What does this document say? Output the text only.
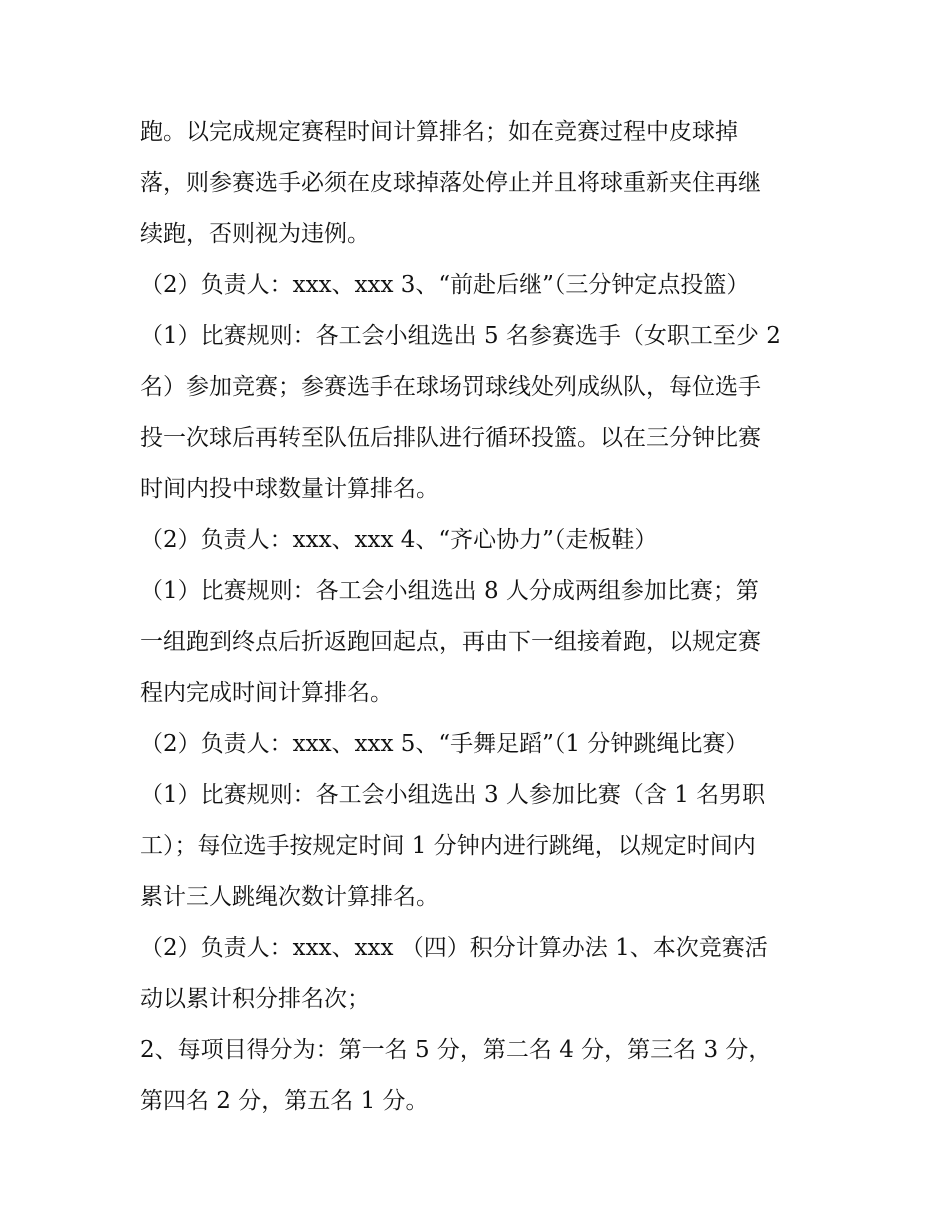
跑。以完成规定赛程时间计算排名；如在竞赛过程中皮球掉
落，则参赛选手必须在皮球掉落处停止并且将球重新夹住再继
续跑，否则视为违例。
（2）负责人：xxx、xxx 3、“前赴后继”（三分钟定点投篮）
（1）比赛规则：各工会小组选出 5 名参赛选手（女职工至少 2
名）参加竞赛；参赛选手在球场罚球线处列成纵队，每位选手
投一次球后再转至队伍后排队进行循环投篮。以在三分钟比赛
时间内投中球数量计算排名。
（2）负责人：xxx、xxx 4、“齐心协力”（走板鞋）
（1）比赛规则：各工会小组选出 8 人分成两组参加比赛；第
一组跑到终点后折返跑回起点，再由下一组接着跑，以规定赛
程内完成时间计算排名。
（2）负责人：xxx、xxx 5、“手舞足蹈”（1 分钟跳绳比赛）
（1）比赛规则：各工会小组选出 3 人参加比赛（含 1 名男职
工）；每位选手按规定时间 1 分钟内进行跳绳，以规定时间内
累计三人跳绳次数计算排名。
（2）负责人：xxx、xxx （四）积分计算办法 1、本次竞赛活
动以累计积分排名次；
2、每项目得分为：第一名 5 分，第二名 4 分，第三名 3 分，
第四名 2 分，第五名 1 分。
